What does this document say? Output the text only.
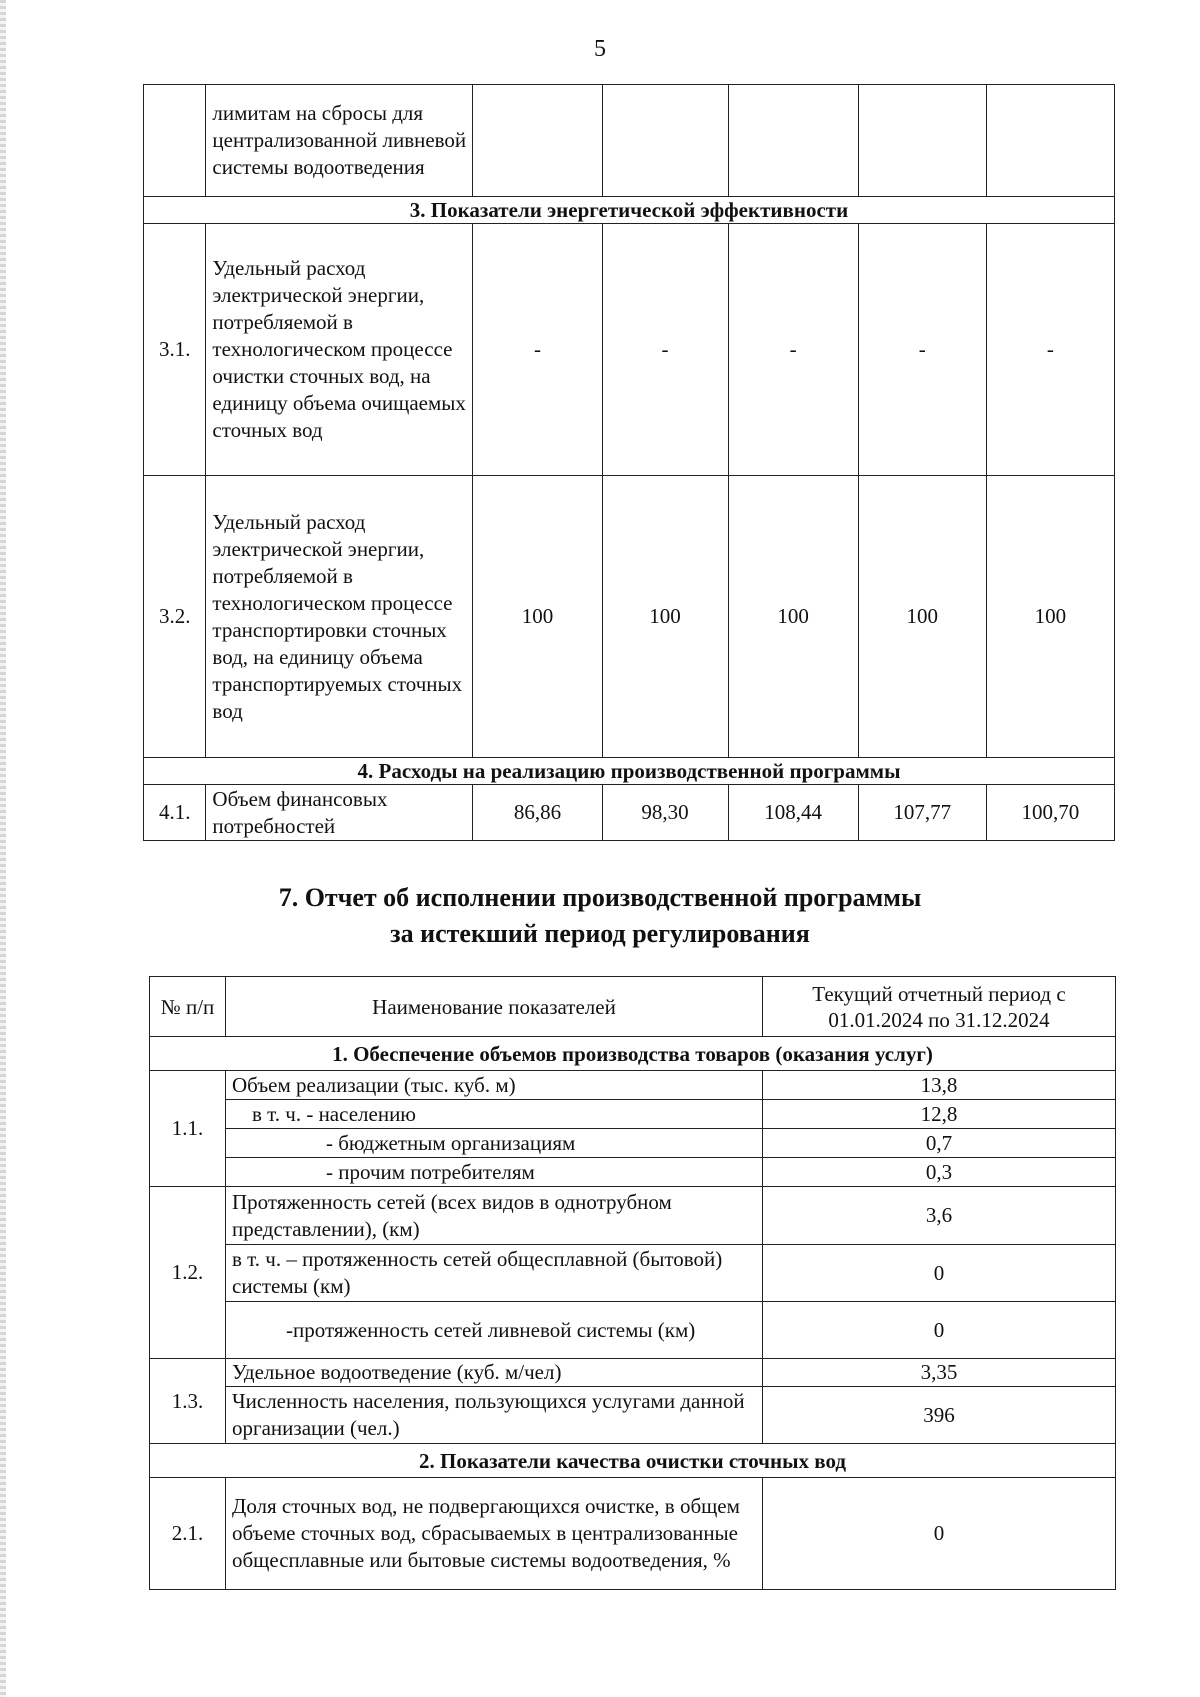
5
	лимитам на сбросы для централизованной ливневой системы водоотведения					
3. Показатели энергетической эффективности						
3.1.	Удельный расход электрической энергии, потребляемой в технологическом процессе очистки сточных вод, на единицу объема очищаемых сточных вод	-	-	-	-	-
3.2.	Удельный расход электрической энергии, потребляемой в технологическом процессе транспортировки сточных вод, на единицу объема транспортируемых сточных вод	100	100	100	100	100
4. Расходы на реализацию производственной программы						
4.1.	Объем финансовых потребностей	86,86	98,30	108,44	107,77	100,70
7. Отчет об исполнении производственной программы
за истекший период регулирования
№ п/п	Наименование показателей	Текущий отчетный период с 01.01.2024 по 31.12.2024
1. Обеспечение объемов производства товаров (оказания услуг)		
1.1.	Объем реализации (тыс. куб. м)	13,8
	в т. ч. - населению	12,8
	- бюджетным организациям	0,7
	- прочим потребителям	0,3
1.2.	Протяженность сетей (всех видов в однотрубном представлении), (км)	3,6
	в т. ч. – протяженность сетей общесплавной (бытовой) системы (км)	0
	-протяженность сетей ливневой системы (км)	0
1.3.	Удельное водоотведение (куб. м/чел)	3,35
	Численность населения, пользующихся услугами данной организации (чел.)	396
2. Показатели качества очистки сточных вод		
2.1.	Доля сточных вод, не подвергающихся очистке, в общем объеме сточных вод, сбрасываемых в централизованные общесплавные или бытовые системы водоотведения, %	0
